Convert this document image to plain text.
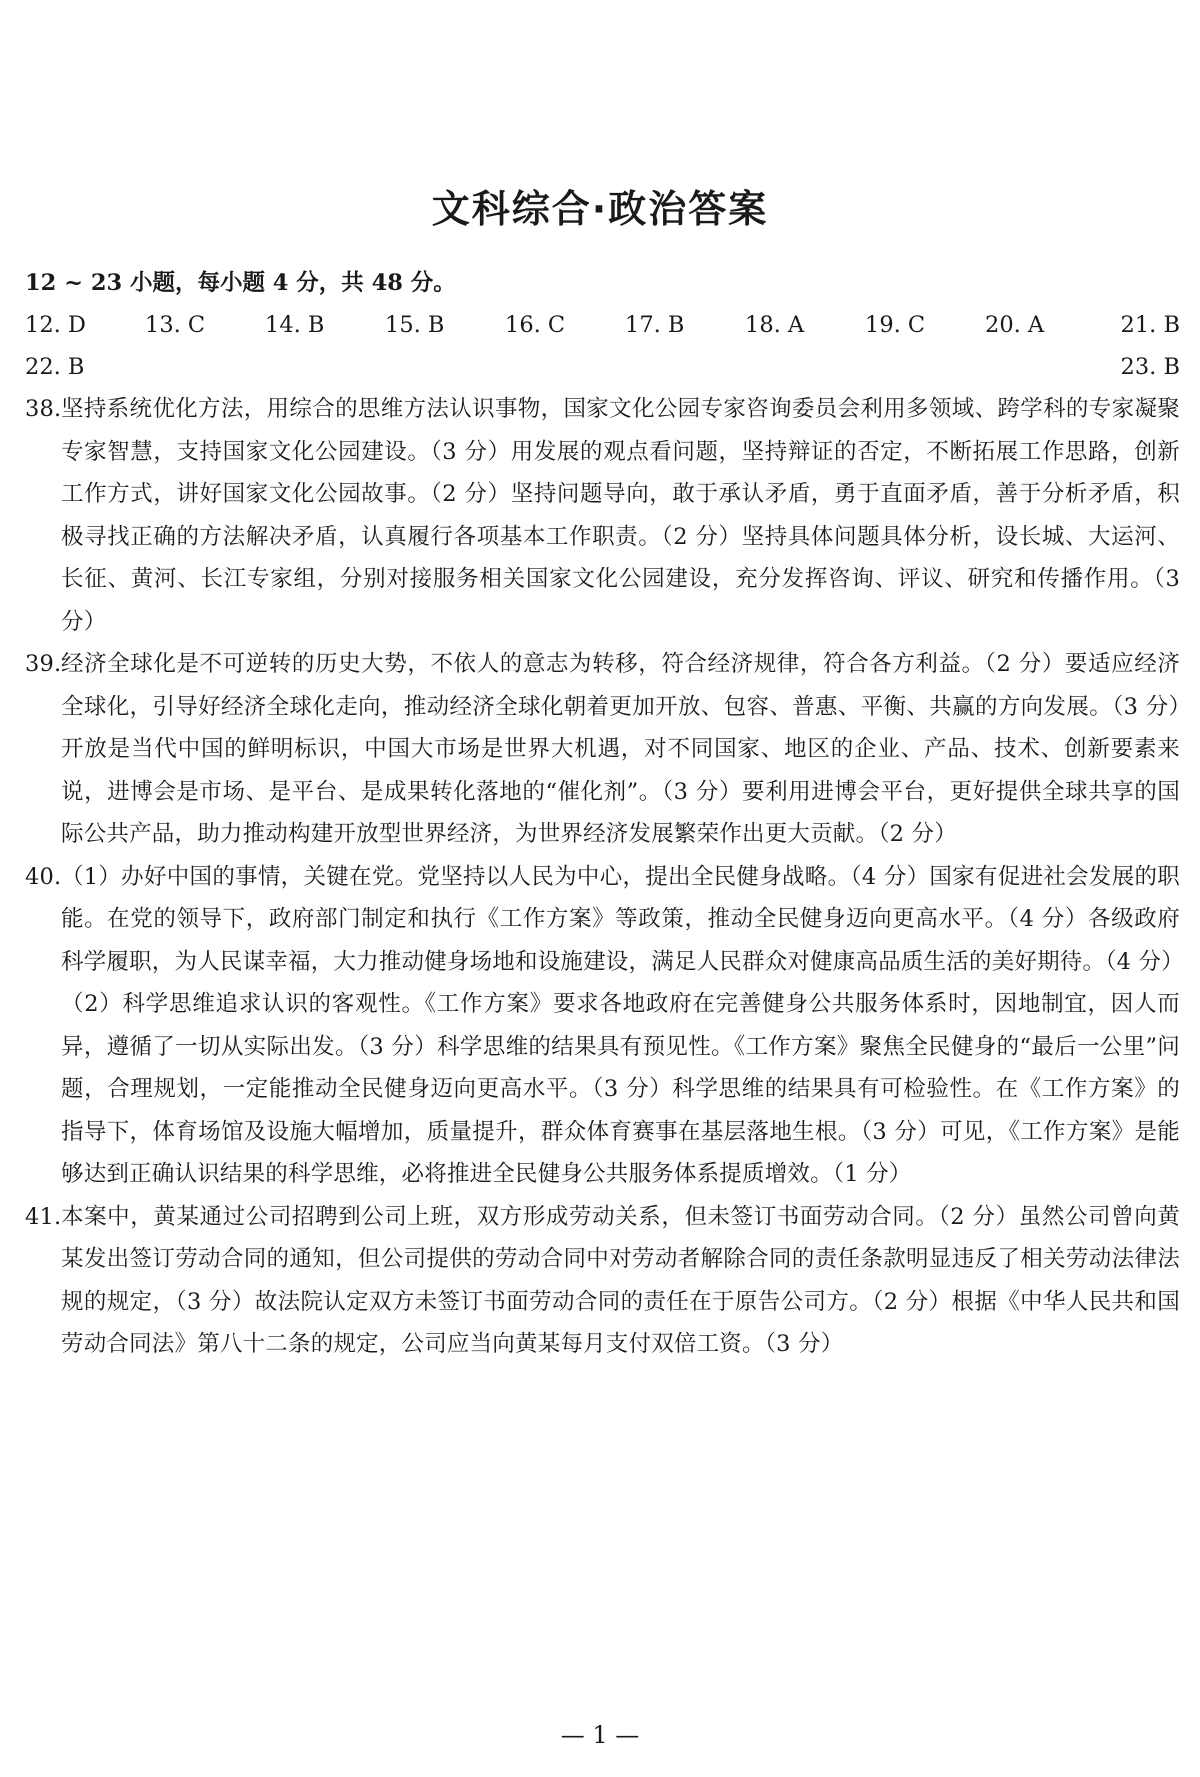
文科综合·政治答案
12 ~ 23 小题，每小题 4 分，共 48 分。
12. D	13. C	14. B	15. B	16. C	17. B	18. A	19. C	20. A	21. B
22. B	23. B
38. 坚持系统优化方法，用综合的思维方法认识事物，国家文化公园专家咨询委员会利用多领域、跨学科的专家凝聚专家智慧，支持国家文化公园建设。（3 分）用发展的观点看问题，坚持辩证的否定，不断拓展工作思路，创新工作方式，讲好国家文化公园故事。（2 分）坚持问题导向，敢于承认矛盾，勇于直面矛盾，善于分析矛盾，积极寻找正确的方法解决矛盾，认真履行各项基本工作职责。（2 分）坚持具体问题具体分析，设长城、大运河、长征、黄河、长江专家组，分别对接服务相关国家文化公园建设，充分发挥咨询、评议、研究和传播作用。（3 分）

39. 经济全球化是不可逆转的历史大势，不依人的意志为转移，符合经济规律，符合各方利益。（2 分）要适应经济全球化，引导好经济全球化走向，推动经济全球化朝着更加开放、包容、普惠、平衡、共赢的方向发展。（3 分）开放是当代中国的鲜明标识，中国大市场是世界大机遇，对不同国家、地区的企业、产品、技术、创新要素来说，进博会是市场、是平台、是成果转化落地的“催化剂”。（3 分）要利用进博会平台，更好提供全球共享的国际公共产品，助力推动构建开放型世界经济，为世界经济发展繁荣作出更大贡献。（2 分）

40. （1）办好中国的事情，关键在党。党坚持以人民为中心，提出全民健身战略。（4 分）国家有促进社会发展的职能。在党的领导下，政府部门制定和执行《工作方案》等政策，推动全民健身迈向更高水平。（4 分）各级政府科学履职，为人民谋幸福，大力推动健身场地和设施建设，满足人民群众对健康高品质生活的美好期待。（4 分）

（2）科学思维追求认识的客观性。《工作方案》要求各地政府在完善健身公共服务体系时，因地制宜，因人而异，遵循了一切从实际出发。（3 分）科学思维的结果具有预见性。《工作方案》聚焦全民健身的“最后一公里”问题，合理规划，一定能推动全民健身迈向更高水平。（3 分）科学思维的结果具有可检验性。在《工作方案》的指导下，体育场馆及设施大幅增加，质量提升，群众体育赛事在基层落地生根。（3 分）可见，《工作方案》是能够达到正确认识结果的科学思维，必将推进全民健身公共服务体系提质增效。（1 分）

41. 本案中，黄某通过公司招聘到公司上班，双方形成劳动关系，但未签订书面劳动合同。（2 分）虽然公司曾向黄某发出签订劳动合同的通知，但公司提供的劳动合同中对劳动者解除合同的责任条款明显违反了相关劳动法律法规的规定，（3 分）故法院认定双方未签订书面劳动合同的责任在于原告公司方。（2 分）根据《中华人民共和国劳动合同法》第八十二条的规定，公司应当向黄某每月支付双倍工资。（3 分）

— 1 —
